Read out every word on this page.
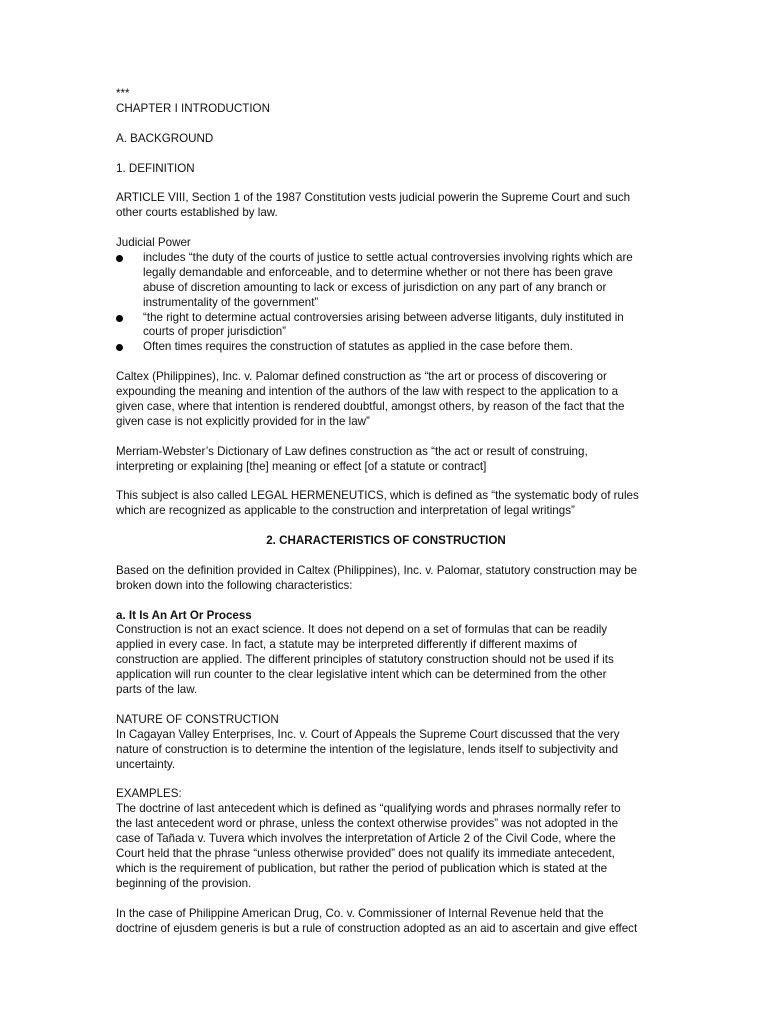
***
CHAPTER I INTRODUCTION
A. BACKGROUND
1. DEFINITION
ARTICLE VIII, Section 1 of the 1987 Constitution vests judicial powerin the Supreme Court and such
other courts established by law.
Judicial Power
includes “the duty of the courts of justice to settle actual controversies involving rights which are
legally demandable and enforceable, and to determine whether or not there has been grave
abuse of discretion amounting to lack or excess of jurisdiction on any part of any branch or
instrumentality of the government”
“the right to determine actual controversies arising between adverse litigants, duly instituted in
courts of proper jurisdiction”
Often times requires the construction of statutes as applied in the case before them.
Caltex (Philippines), Inc. v. Palomar defined construction as “the art or process of discovering or
expounding the meaning and intention of the authors of the law with respect to the application to a
given case, where that intention is rendered doubtful, amongst others, by reason of the fact that the
given case is not explicitly provided for in the law”
Merriam-Webster’s Dictionary of Law defines construction as “the act or result of construing,
interpreting or explaining [the] meaning or effect [of a statute or contract]
This subject is also called LEGAL HERMENEUTICS, which is defined as “the systematic body of rules
which are recognized as applicable to the construction and interpretation of legal writings”
2. CHARACTERISTICS OF CONSTRUCTION
Based on the definition provided in Caltex (Philippines), Inc. v. Palomar, statutory construction may be
broken down into the following characteristics:
a. It Is An Art Or Process
Construction is not an exact science. It does not depend on a set of formulas that can be readily
applied in every case. In fact, a statute may be interpreted differently if different maxims of
construction are applied. The different principles of statutory construction should not be used if its
application will run counter to the clear legislative intent which can be determined from the other
parts of the law.
NATURE OF CONSTRUCTION
In Cagayan Valley Enterprises, Inc. v. Court of Appeals the Supreme Court discussed that the very
nature of construction is to determine the intention of the legislature, lends itself to subjectivity and
uncertainty.
EXAMPLES:
The doctrine of last antecedent which is defined as “qualifying words and phrases normally refer to
the last antecedent word or phrase, unless the context otherwise provides” was not adopted in the
case of Tañada v. Tuvera which involves the interpretation of Article 2 of the Civil Code, where the
Court held that the phrase “unless otherwise provided” does not qualify its immediate antecedent,
which is the requirement of publication, but rather the period of publication which is stated at the
beginning of the provision.
In the case of Philippine American Drug, Co. v. Commissioner of Internal Revenue held that the
doctrine of ejusdem generis is but a rule of construction adopted as an aid to ascertain and give effect
